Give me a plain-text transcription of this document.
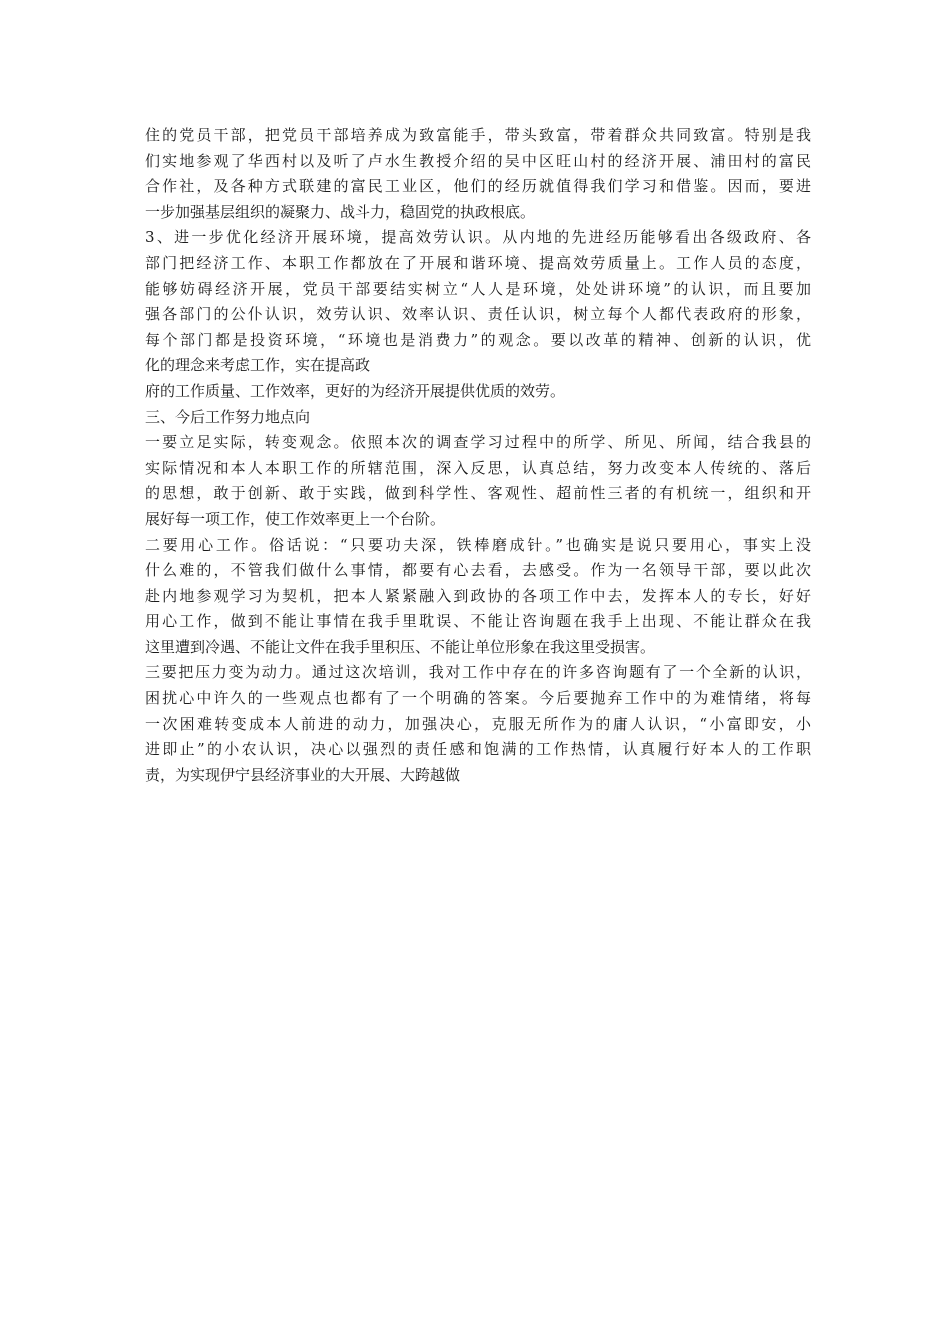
住的党员干部，把党员干部培养成为致富能手，带头致富，带着群众共同致富。特别是我
们实地参观了华西村以及听了卢水生教授介绍的吴中区旺山村的经济开展、浦田村的富民
合作社，及各种方式联建的富民工业区，他们的经历就值得我们学习和借鉴。因而，要进
一步加强基层组织的凝聚力、战斗力，稳固党的执政根底。
3、进一步优化经济开展环境，提高效劳认识。从内地的先进经历能够看出各级政府、各
部门把经济工作、本职工作都放在了开展和谐环境、提高效劳质量上。工作人员的态度，
能够妨碍经济开展，党员干部要结实树立“人人是环境，处处讲环境”的认识，而且要加
强各部门的公仆认识，效劳认识、效率认识、责任认识，树立每个人都代表政府的形象，
每个部门都是投资环境，“环境也是消费力”的观念。要以改革的精神、创新的认识，优
化的理念来考虑工作，实在提高政
府的工作质量、工作效率，更好的为经济开展提供优质的效劳。
三、今后工作努力地点向
一要立足实际，转变观念。依照本次的调查学习过程中的所学、所见、所闻，结合我县的
实际情况和本人本职工作的所辖范围，深入反思，认真总结，努力改变本人传统的、落后
的思想，敢于创新、敢于实践，做到科学性、客观性、超前性三者的有机统一，组织和开
展好每一项工作，使工作效率更上一个台阶。
二要用心工作。俗话说：“只要功夫深，铁棒磨成针。”也确实是说只要用心，事实上没
什么难的，不管我们做什么事情，都要有心去看，去感受。作为一名领导干部，要以此次
赴内地参观学习为契机，把本人紧紧融入到政协的各项工作中去，发挥本人的专长，好好
用心工作，做到不能让事情在我手里耽误、不能让咨询题在我手上出现、不能让群众在我
这里遭到冷遇、不能让文件在我手里积压、不能让单位形象在我这里受损害。
三要把压力变为动力。通过这次培训，我对工作中存在的许多咨询题有了一个全新的认识，
困扰心中许久的一些观点也都有了一个明确的答案。今后要抛弃工作中的为难情绪，将每
一次困难转变成本人前进的动力，加强决心，克服无所作为的庸人认识，“小富即安，小
进即止”的小农认识，决心以强烈的责任感和饱满的工作热情，认真履行好本人的工作职
责，为实现伊宁县经济事业的大开展、大跨越做
